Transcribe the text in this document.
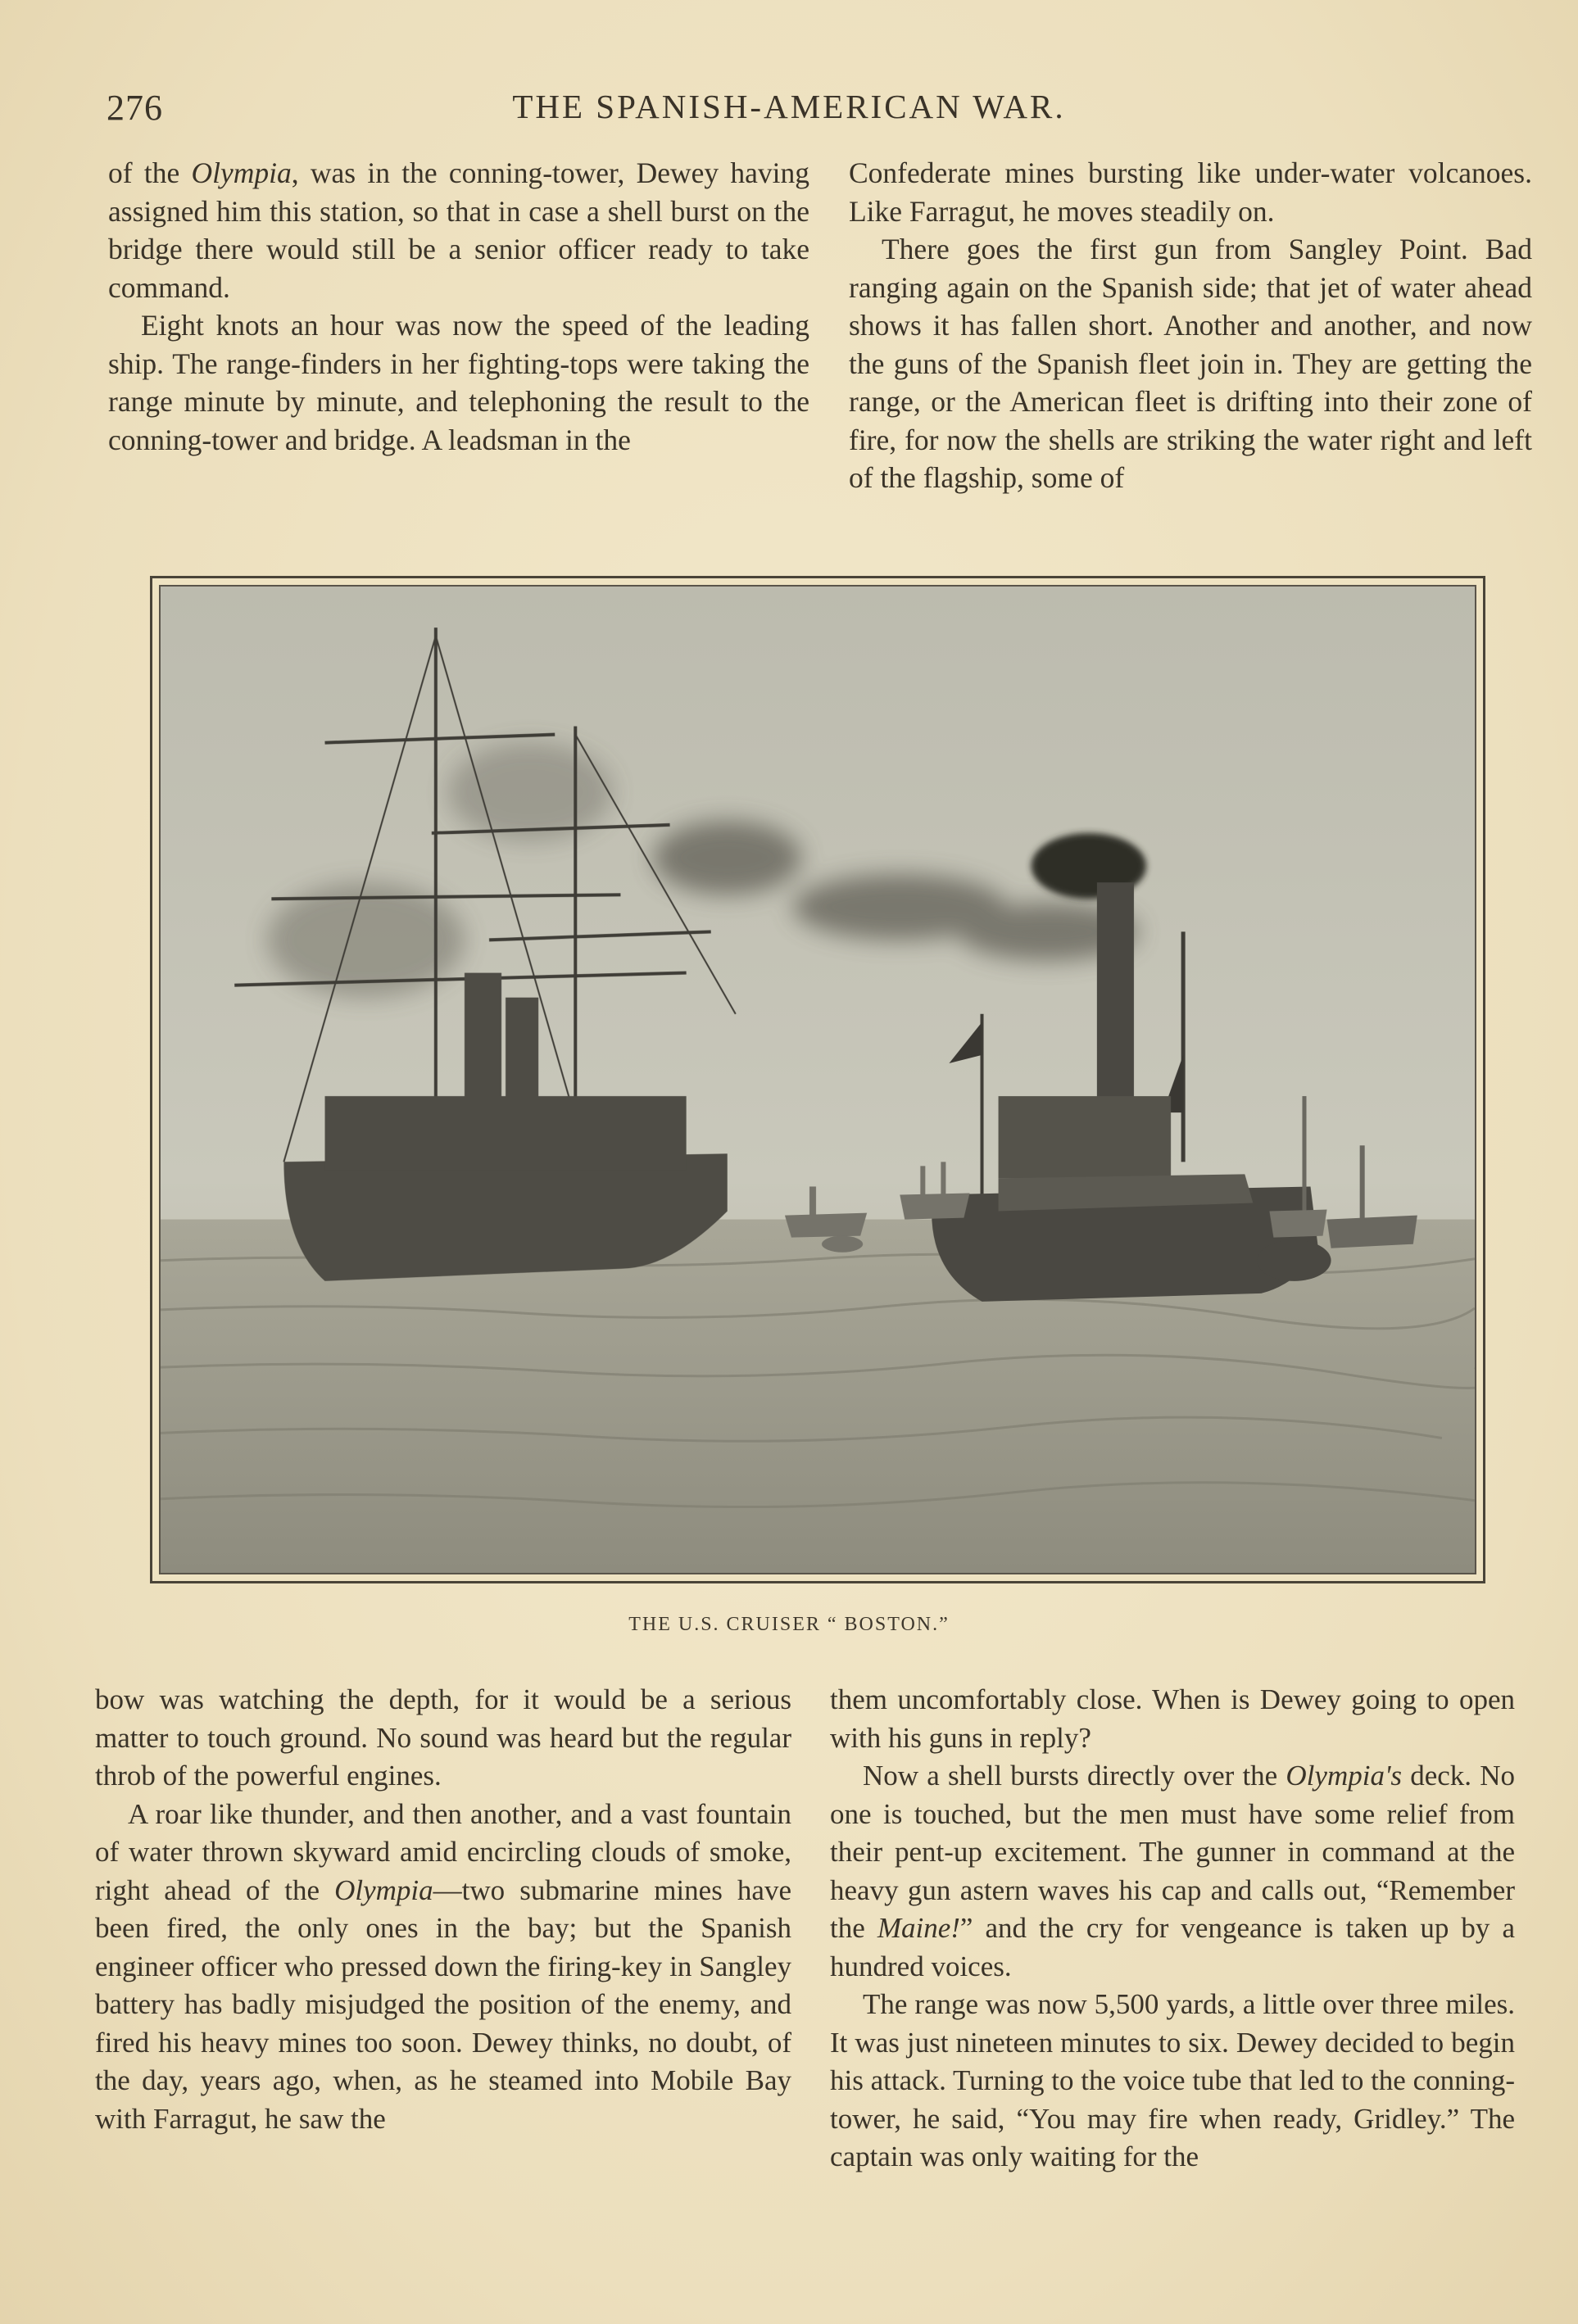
276	THE SPANISH-AMERICAN WAR.

of the Olympia, was in the conning-tower, Dewey having assigned him this station, so that in case a shell burst on the bridge there would still be a senior officer ready to take command.

Eight knots an hour was now the speed of the leading ship. The range-finders in her fighting-tops were taking the range minute by minute, and telephoning the result to the conning-tower and bridge. A leadsman in the

Confederate mines bursting like under-water volcanoes. Like Farragut, he moves steadily on.

There goes the first gun from Sangley Point. Bad ranging again on the Spanish side; that jet of water ahead shows it has fallen short. Another and another, and now the guns of the Spanish fleet join in. They are getting the range, or the American fleet is drifting into their zone of fire, for now the shells are striking the water right and left of the flagship, some of

THE U.S. CRUISER “ BOSTON.”

bow was watching the depth, for it would be a serious matter to touch ground. No sound was heard but the regular throb of the powerful engines.

A roar like thunder, and then another, and a vast fountain of water thrown skyward amid encircling clouds of smoke, right ahead of the Olympia—two submarine mines have been fired, the only ones in the bay; but the Spanish engineer officer who pressed down the firing-key in Sangley battery has badly misjudged the position of the enemy, and fired his heavy mines too soon. Dewey thinks, no doubt, of the day, years ago, when, as he steamed into Mobile Bay with Farragut, he saw the

them uncomfortably close. When is Dewey going to open with his guns in reply?

Now a shell bursts directly over the Olympia's deck. No one is touched, but the men must have some relief from their pent-up excitement. The gunner in command at the heavy gun astern waves his cap and calls out, “Remember the Maine!” and the cry for vengeance is taken up by a hundred voices.

The range was now 5,500 yards, a little over three miles. It was just nineteen minutes to six. Dewey decided to begin his attack. Turning to the voice tube that led to the conning-tower, he said, “You may fire when ready, Gridley.” The captain was only waiting for the
